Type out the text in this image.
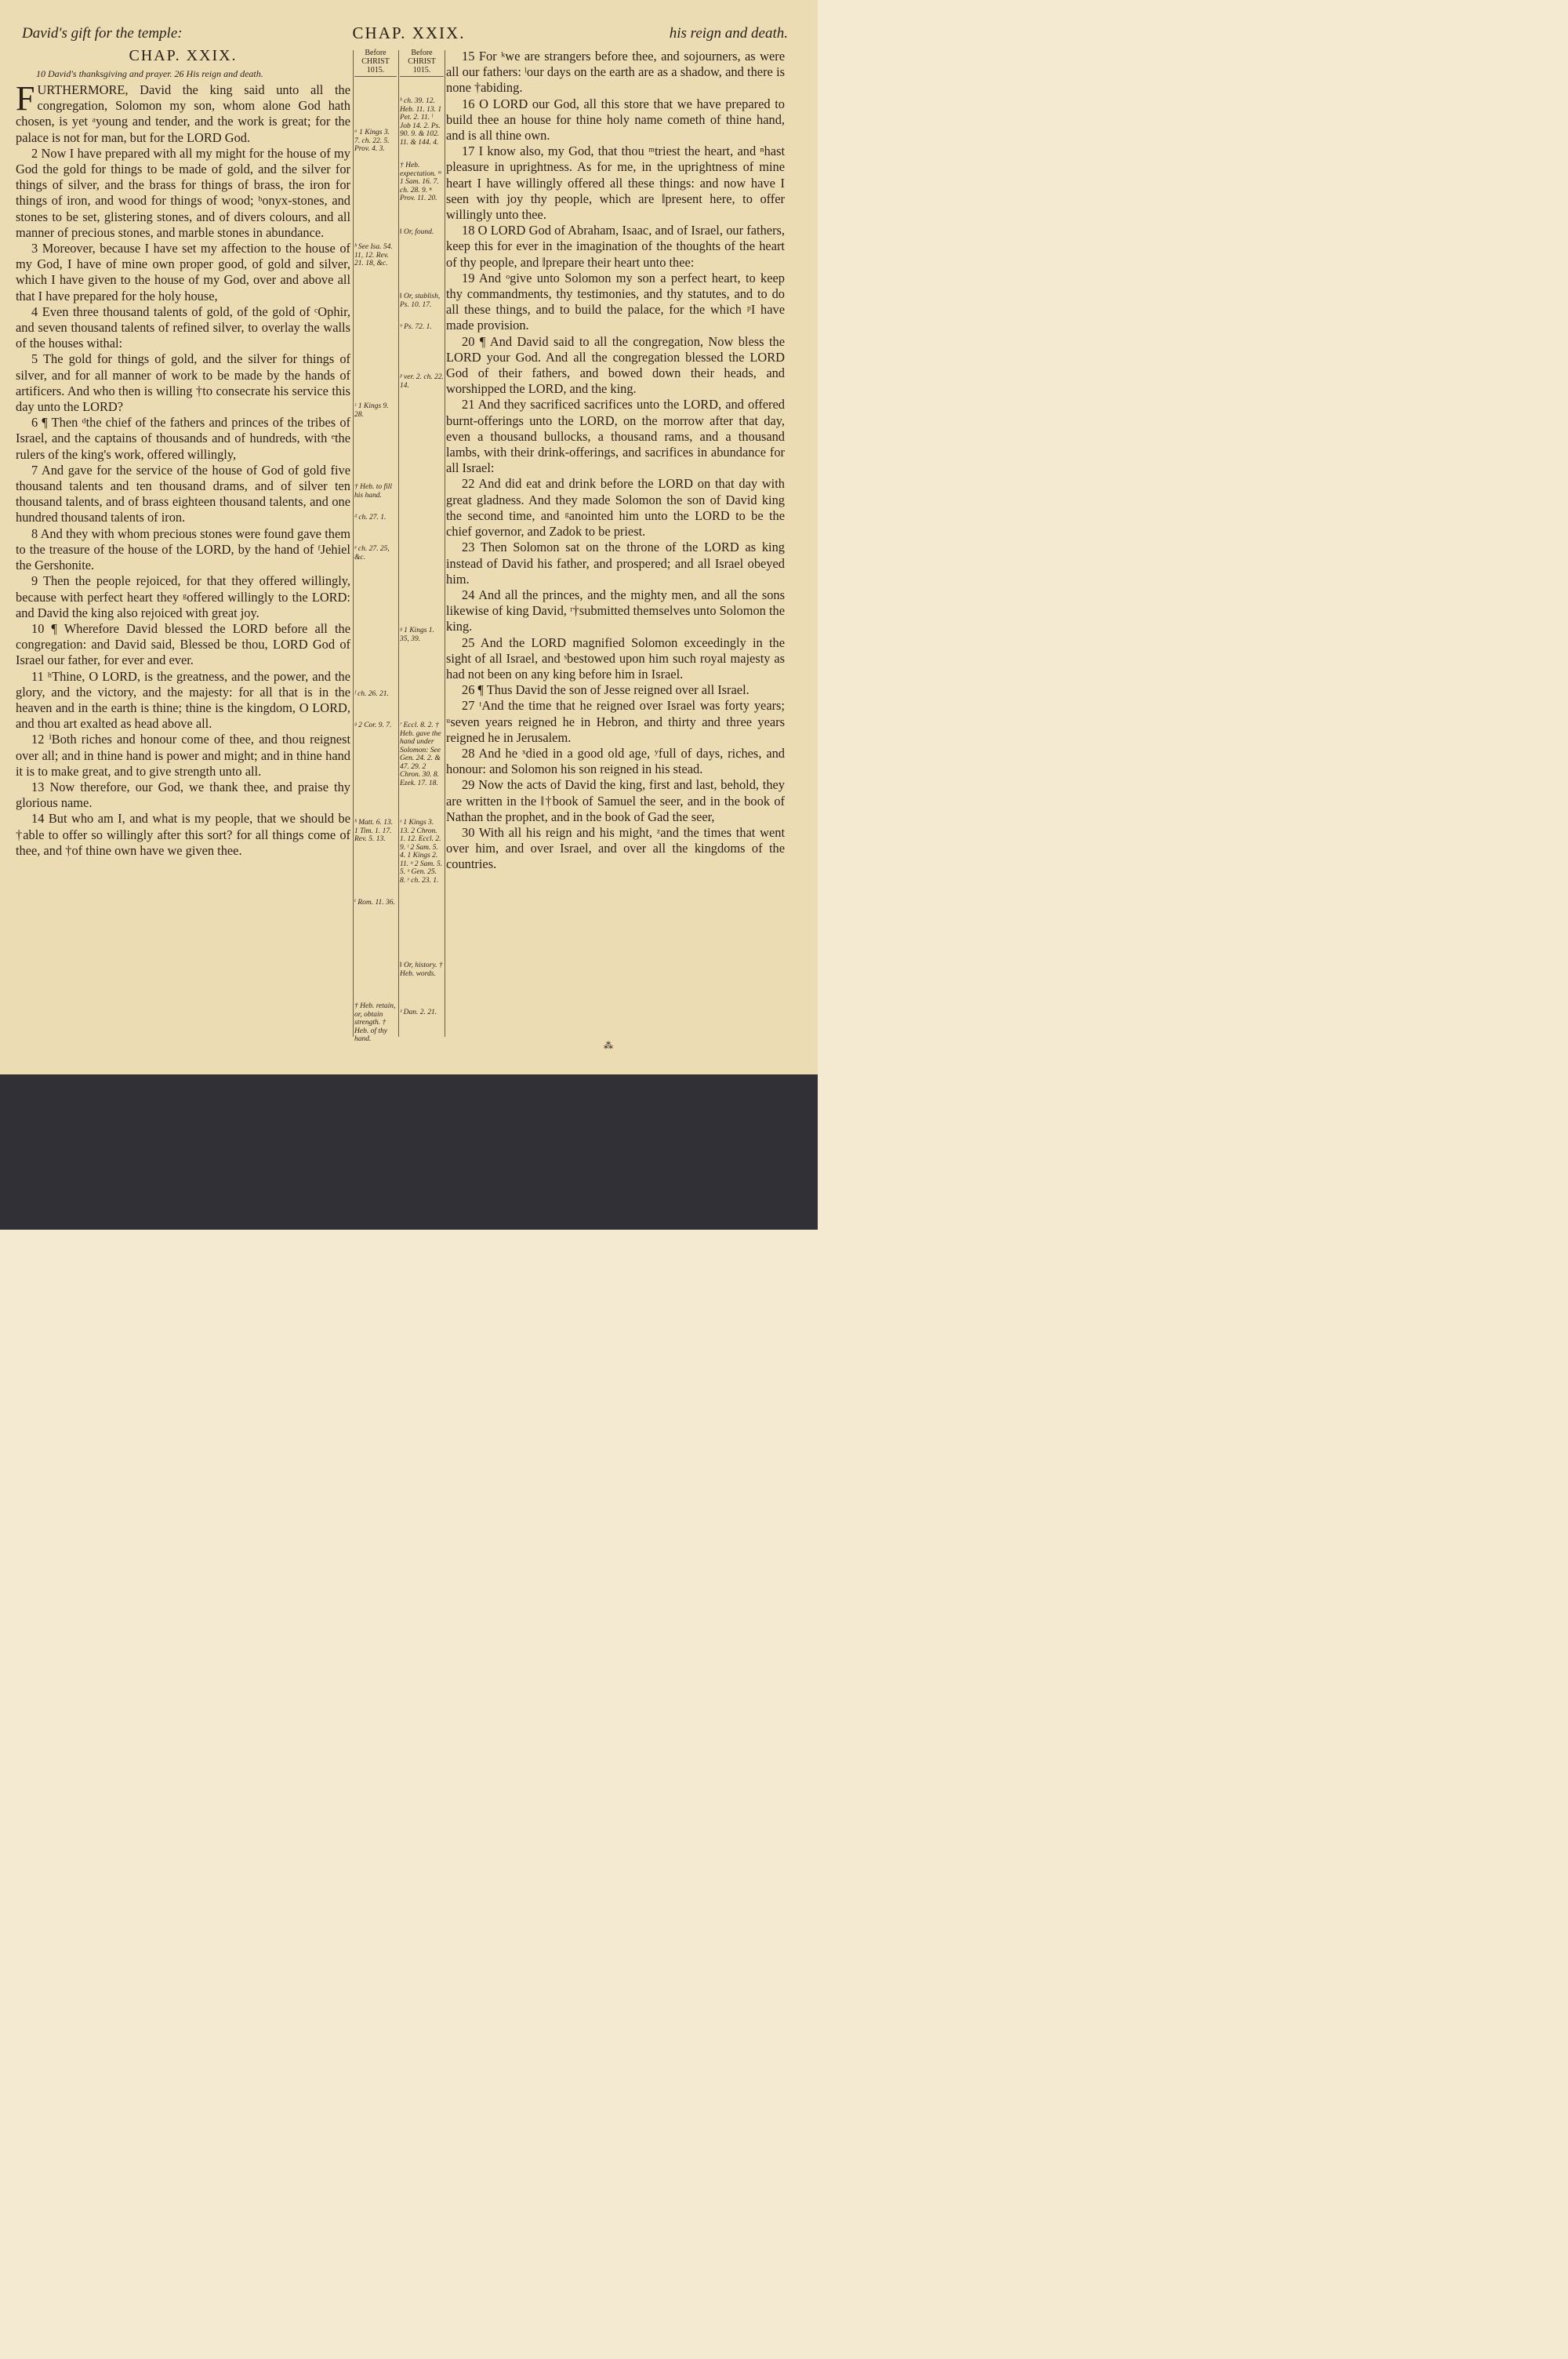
David's gift for the temple:	CHAP. XXIX.	his reign and death.

CHAP. XXIX.

10 David's thanksgiving and prayer. 26 His reign and death.

FURTHERMORE, David the king said unto all the congregation, Solomon my son, whom alone God hath chosen, is yet ᵃyoung and tender, and the work is great; for the palace is not for man, but for the LORD God.

2 Now I have prepared with all my might for the house of my God the gold for things to be made of gold, and the silver for things of silver, and the brass for things of brass, the iron for things of iron, and wood for things of wood; ᵇonyx-stones, and stones to be set, glistering stones, and of divers colours, and all manner of precious stones, and marble stones in abundance.

3 Moreover, because I have set my affection to the house of my God, I have of mine own proper good, of gold and silver, which I have given to the house of my God, over and above all that I have prepared for the holy house,

4 Even three thousand talents of gold, of the gold of ᶜOphir, and seven thousand talents of refined silver, to overlay the walls of the houses withal:

5 The gold for things of gold, and the silver for things of silver, and for all manner of work to be made by the hands of artificers. And who then is willing †to consecrate his service this day unto the LORD?

6 ¶ Then ᵈthe chief of the fathers and princes of the tribes of Israel, and the captains of thousands and of hundreds, with ᵉthe rulers of the king's work, offered willingly,

7 And gave for the service of the house of God of gold five thousand talents and ten thousand drams, and of silver ten thousand talents, and of brass eighteen thousand talents, and one hundred thousand talents of iron.

8 And they with whom precious stones were found gave them to the treasure of the house of the LORD, by the hand of ᶠJehiel the Gershonite.

9 Then the people rejoiced, for that they offered willingly, because with perfect heart they ᵍoffered willingly to the LORD: and David the king also rejoiced with great joy.

10 ¶ Wherefore David blessed the LORD before all the congregation: and David said, Blessed be thou, LORD God of Israel our father, for ever and ever.

11 ʰThine, O LORD, is the greatness, and the power, and the glory, and the victory, and the majesty: for all that is in the heaven and in the earth is thine; thine is the kingdom, O LORD, and thou art exalted as head above all.

12 ⁱBoth riches and honour come of thee, and thou reignest over all; and in thine hand is power and might; and in thine hand it is to make great, and to give strength unto all.

13 Now therefore, our God, we thank thee, and praise thy glorious name.

14 But who am I, and what is my people, that we should be †able to offer so willingly after this sort? for all things come of thee, and †of thine own have we given thee.

Before CHRIST 1015.
ᵃ 1 Kings 3. 7. ch. 22. 5. Prov. 4. 3.
ᵇ See Isa. 54. 11, 12. Rev. 21. 18, &c.
ᶜ 1 Kings 9. 28.
† Heb. to fill his hand.
ᵈ ch. 27. 1.
ᵉ ch. 27. 25, &c.
ᶠ ch. 26. 21.
ᵍ 2 Cor. 9. 7.
ʰ Matt. 6. 13. 1 Tim. 1. 17. Rev. 5. 13.
ⁱ Rom. 11. 36.
† Heb. retain, or, obtain strength. † Heb. of thy hand.
Before CHRIST 1015.
ᵏ ch. 39. 12. Heb. 11. 13. 1 Pet. 2. 11. ˡ Job 14. 2. Ps. 90. 9. & 102. 11. & 144. 4.
† Heb. expectation. ᵐ 1 Sam. 16. 7. ch. 28. 9. ⁿ Prov. 11. 20.
‖ Or, found.
‖ Or, stablish, Ps. 10. 17.
ᵒ Ps. 72. 1.
ᵖ ver. 2. ch. 22. 14.
ᵍ 1 Kings 1. 35, 39.
ʳ Eccl. 8. 2. † Heb. gave the hand under Solomon: See Gen. 24. 2. & 47. 29. 2 Chron. 30. 8. Ezek. 17. 18.
ˢ 1 Kings 3. 13. 2 Chron. 1. 12. Eccl. 2. 9. ᵗ 2 Sam. 5. 4. 1 Kings 2. 11. ᵘ 2 Sam. 5. 5. ˣ Gen. 25. 8. ʸ ch. 23. 1.
‖ Or, history. † Heb. words.
ᶻ Dan. 2. 21.

15 For ᵏwe are strangers before thee, and sojourners, as were all our fathers: ˡour days on the earth are as a shadow, and there is none †abiding.

16 O LORD our God, all this store that we have prepared to build thee an house for thine holy name cometh of thine hand, and is all thine own.

17 I know also, my God, that thou ᵐtriest the heart, and ⁿhast pleasure in uprightness. As for me, in the uprightness of mine heart I have willingly offered all these things: and now have I seen with joy thy people, which are ‖present here, to offer willingly unto thee.

18 O LORD God of Abraham, Isaac, and of Israel, our fathers, keep this for ever in the imagination of the thoughts of the heart of thy people, and ‖prepare their heart unto thee:

19 And ᵒgive unto Solomon my son a perfect heart, to keep thy commandments, thy testimonies, and thy statutes, and to do all these things, and to build the palace, for the which ᵖI have made provision.

20 ¶ And David said to all the congregation, Now bless the LORD your God. And all the congregation blessed the LORD God of their fathers, and bowed down their heads, and worshipped the LORD, and the king.

21 And they sacrificed sacrifices unto the LORD, and offered burnt-offerings unto the LORD, on the morrow after that day, even a thousand bullocks, a thousand rams, and a thousand lambs, with their drink-offerings, and sacrifices in abundance for all Israel:

22 And did eat and drink before the LORD on that day with great gladness. And they made Solomon the son of David king the second time, and ᵍanointed him unto the LORD to be the chief governor, and Zadok to be priest.

23 Then Solomon sat on the throne of the LORD as king instead of David his father, and prospered; and all Israel obeyed him.

24 And all the princes, and the mighty men, and all the sons likewise of king David, ʳ†submitted themselves unto Solomon the king.

25 And the LORD magnified Solomon exceedingly in the sight of all Israel, and ˢbestowed upon him such royal majesty as had not been on any king before him in Israel.

26 ¶ Thus David the son of Jesse reigned over all Israel.

27 ᵗAnd the time that he reigned over Israel was forty years; ᵘseven years reigned he in Hebron, and thirty and three years reigned he in Jerusalem.

28 And he ˣdied in a good old age, ʸfull of days, riches, and honour: and Solomon his son reigned in his stead.

29 Now the acts of David the king, first and last, behold, they are written in the ‖†book of Samuel the seer, and in the book of Nathan the prophet, and in the book of Gad the seer,

30 With all his reign and his might, ᶻand the times that went over him, and over Israel, and over all the kingdoms of the countries.

⁂
